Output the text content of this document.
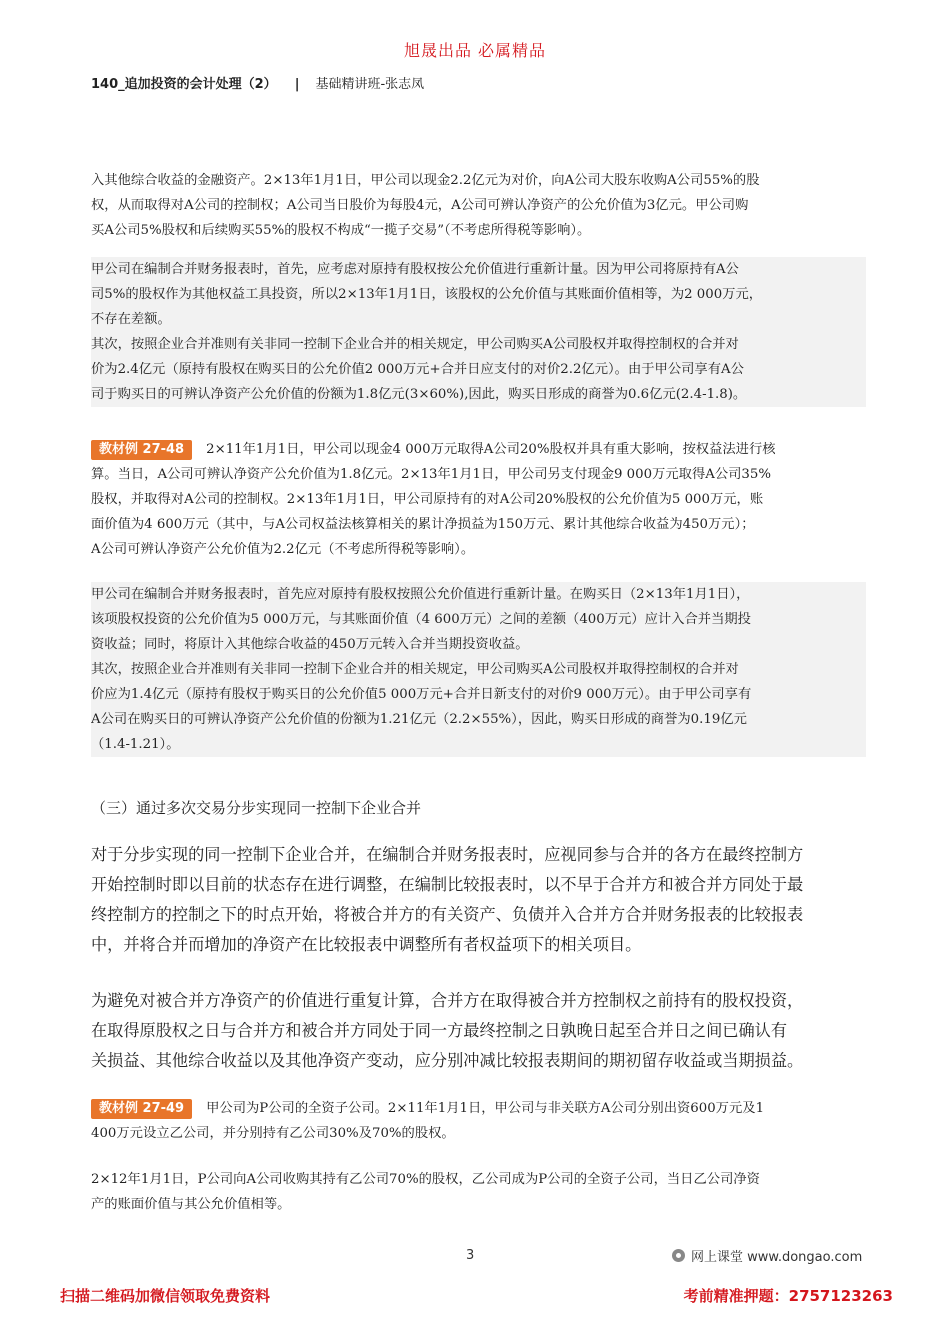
旭晟出品 必属精品
140_追加投资的会计处理（2） | 基础精讲班-张志凤
入其他综合收益的金融资产。2×13年1月1日，甲公司以现金2.2亿元为对价，向A公司大股东收购A公司55%的股
权，从而取得对A公司的控制权；A公司当日股价为每股4元，A公司可辨认净资产的公允价值为3亿元。甲公司购
买A公司5%股权和后续购买55%的股权不构成“一揽子交易”（不考虑所得税等影响）。
甲公司在编制合并财务报表时，首先，应考虑对原持有股权按公允价值进行重新计量。因为甲公司将原持有A公
司5%的股权作为其他权益工具投资，所以2×13年1月1日，该股权的公允价值与其账面价值相等，为2 000万元，
不存在差额。
其次，按照企业合并准则有关非同一控制下企业合并的相关规定，甲公司购买A公司股权并取得控制权的合并对
价为2.4亿元（原持有股权在购买日的公允价值2 000万元+合并日应支付的对价2.2亿元）。由于甲公司享有A公
司于购买日的可辨认净资产公允价值的份额为1.8亿元(3×60%),因此，购买日形成的商誉为0.6亿元(2.4-1.8)。
教材例 27-48 2×11年1月1日，甲公司以现金4 000万元取得A公司20%股权并具有重大影响，按权益法进行核
算。当日，A公司可辨认净资产公允价值为1.8亿元。2×13年1月1日，甲公司另支付现金9 000万元取得A公司35%
股权，并取得对A公司的控制权。2×13年1月1日，甲公司原持有的对A公司20%股权的公允价值为5 000万元，账
面价值为4 600万元（其中，与A公司权益法核算相关的累计净损益为150万元、累计其他综合收益为450万元）；
A公司可辨认净资产公允价值为2.2亿元（不考虑所得税等影响）。
甲公司在编制合并财务报表时，首先应对原持有股权按照公允价值进行重新计量。在购买日（2×13年1月1日），
该项股权投资的公允价值为5 000万元，与其账面价值（4 600万元）之间的差额（400万元）应计入合并当期投
资收益；同时，将原计入其他综合收益的450万元转入合并当期投资收益。
其次，按照企业合并准则有关非同一控制下企业合并的相关规定，甲公司购买A公司股权并取得控制权的合并对
价应为1.4亿元（原持有股权于购买日的公允价值5 000万元+合并日新支付的对价9 000万元）。由于甲公司享有
A公司在购买日的可辨认净资产公允价值的份额为1.21亿元（2.2×55%），因此，购买日形成的商誉为0.19亿元
（1.4-1.21）。
（三）通过多次交易分步实现同一控制下企业合并
对于分步实现的同一控制下企业合并，在编制合并财务报表时，应视同参与合并的各方在最终控制方
开始控制时即以目前的状态存在进行调整，在编制比较报表时，以不早于合并方和被合并方同处于最
终控制方的控制之下的时点开始，将被合并方的有关资产、负债并入合并方合并财务报表的比较报表
中，并将合并而增加的净资产在比较报表中调整所有者权益项下的相关项目。
为避免对被合并方净资产的价值进行重复计算，合并方在取得被合并方控制权之前持有的股权投资，
在取得原股权之日与合并方和被合并方同处于同一方最终控制之日孰晚日起至合并日之间已确认有
关损益、其他综合收益以及其他净资产变动，应分别冲减比较报表期间的期初留存收益或当期损益。
教材例 27-49 甲公司为P公司的全资子公司。2×11年1月1日，甲公司与非关联方A公司分别出资600万元及1
400万元设立乙公司，并分别持有乙公司30%及70%的股权。
2×12年1月1日，P公司向A公司收购其持有乙公司70%的股权，乙公司成为P公司的全资子公司，当日乙公司净资
产的账面价值与其公允价值相等。
3	网上课堂 www.dongao.com
扫描二维码加微信领取免费资料	考前精准押题：2757123263
